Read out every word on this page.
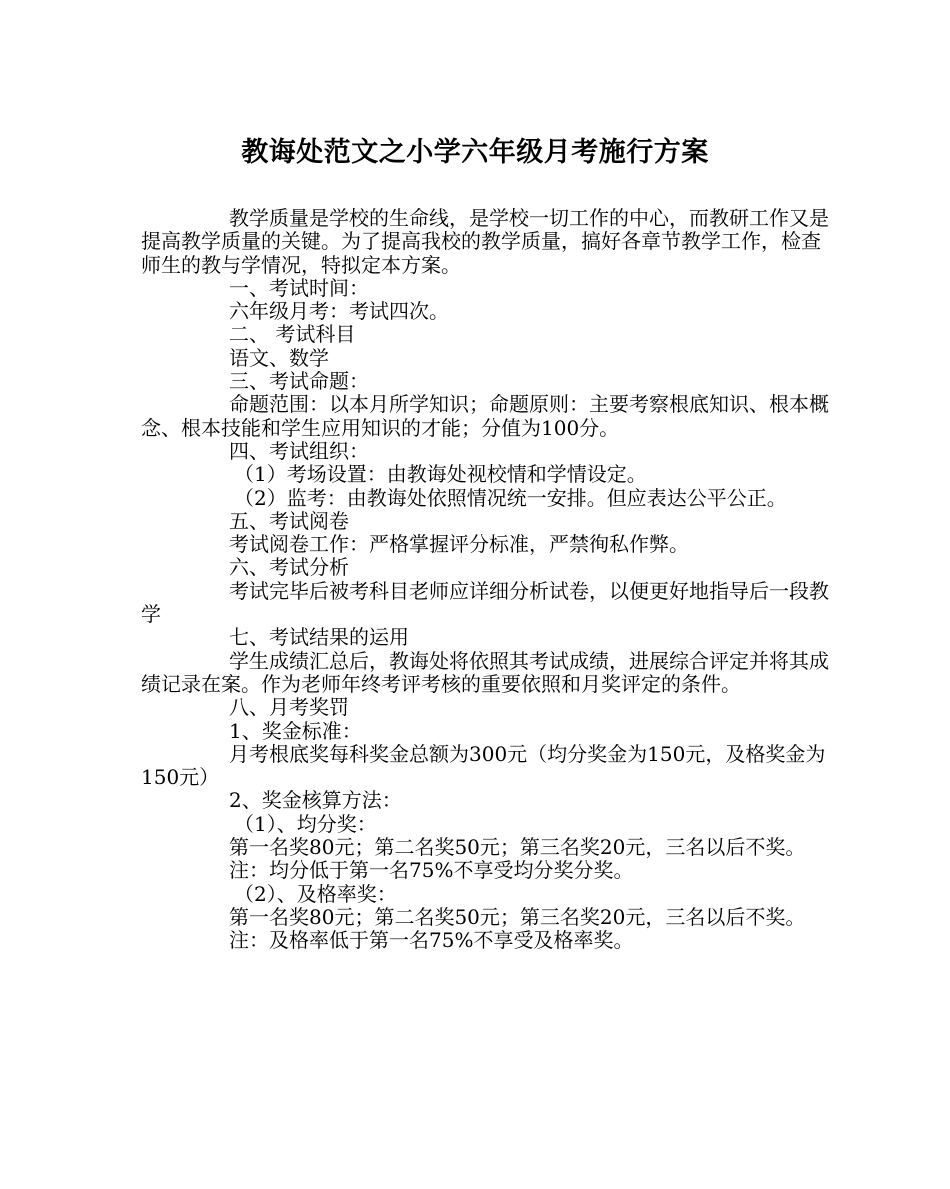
教诲处范文之小学六年级月考施行方案

教学质量是学校的生命线，是学校一切工作的中心，而教研工作又是提高教学质量的关键。为了提高我校的教学质量，搞好各章节教学工作，检查师生的教与学情况，特拟定本方案。

一、考试时间：

六年级月考：考试四次。

二、 考试科目

语文、数学

三、考试命题：

命题范围：以本月所学知识；命题原则：主要考察根底知识、根本概念、根本技能和学生应用知识的才能；分值为100分。

四、考试组织：

（1）考场设置：由教诲处视校情和学情设定。

（2）监考：由教诲处依照情况统一安排。但应表达公平公正。

五、考试阅卷

考试阅卷工作：严格掌握评分标准，严禁徇私作弊。

六、考试分析

考试完毕后被考科目老师应详细分析试卷，以便更好地指导后一段教学

七、考试结果的运用

学生成绩汇总后，教诲处将依照其考试成绩，进展综合评定并将其成绩记录在案。作为老师年终考评考核的重要依照和月奖评定的条件。

八、月考奖罚

1、奖金标准：

月考根底奖每科奖金总额为300元（均分奖金为150元，及格奖金为150元）

2、奖金核算方法：

（1）、均分奖：

第一名奖80元；第二名奖50元；第三名奖20元，三名以后不奖。

注：均分低于第一名75%不享受均分奖分奖。

（2）、及格率奖：

第一名奖80元；第二名奖50元；第三名奖20元，三名以后不奖。

注：及格率低于第一名75%不享受及格率奖。
